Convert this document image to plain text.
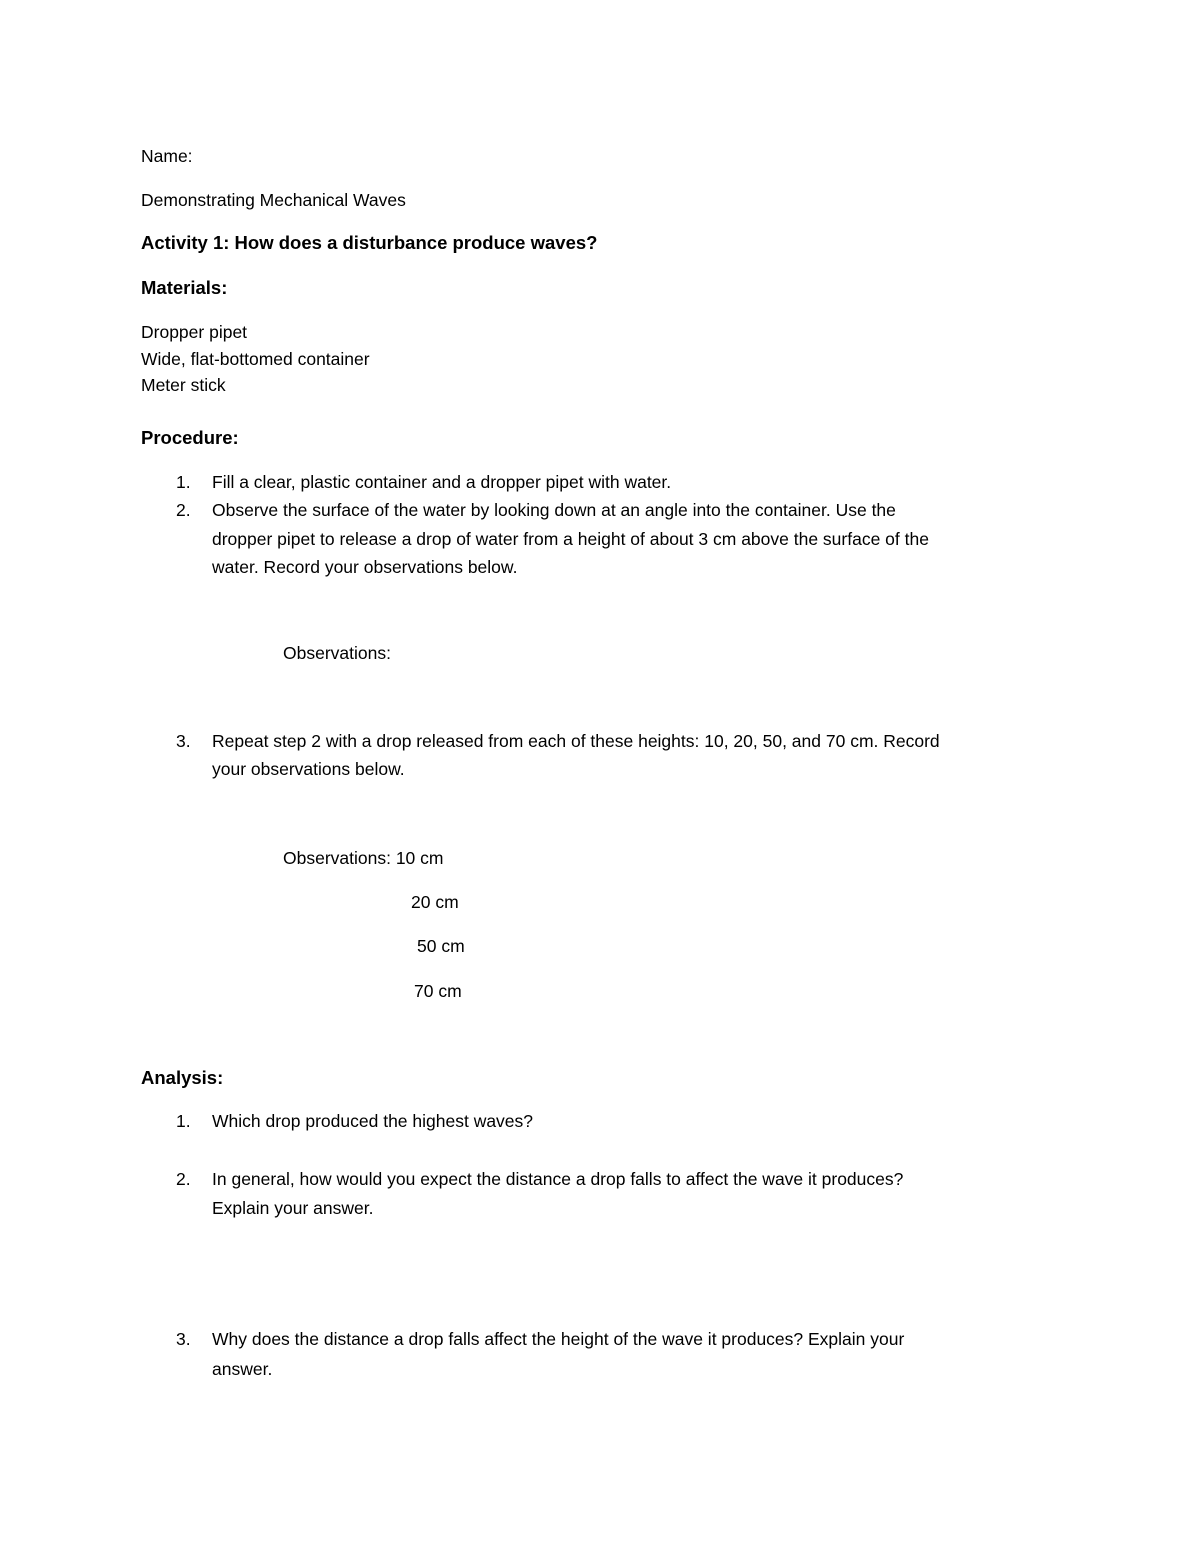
Name:
Demonstrating Mechanical Waves
Activity 1: How does a disturbance produce waves?
Materials:
Dropper pipet
Wide, flat-bottomed container
Meter stick
Procedure:
1. Fill a clear, plastic container and a dropper pipet with water.
2. Observe the surface of the water by looking down at an angle into the container. Use the
dropper pipet to release a drop of water from a height of about 3 cm above the surface of the
water. Record your observations below.
Observations:
3. Repeat step 2 with a drop released from each of these heights: 10, 20, 50, and 70 cm. Record
your observations below.
Observations: 10 cm
20 cm
50 cm
70 cm
Analysis:
1. Which drop produced the highest waves?
2. In general, how would you expect the distance a drop falls to affect the wave it produces?
Explain your answer.
3. Why does the distance a drop falls affect the height of the wave it produces? Explain your
answer.
